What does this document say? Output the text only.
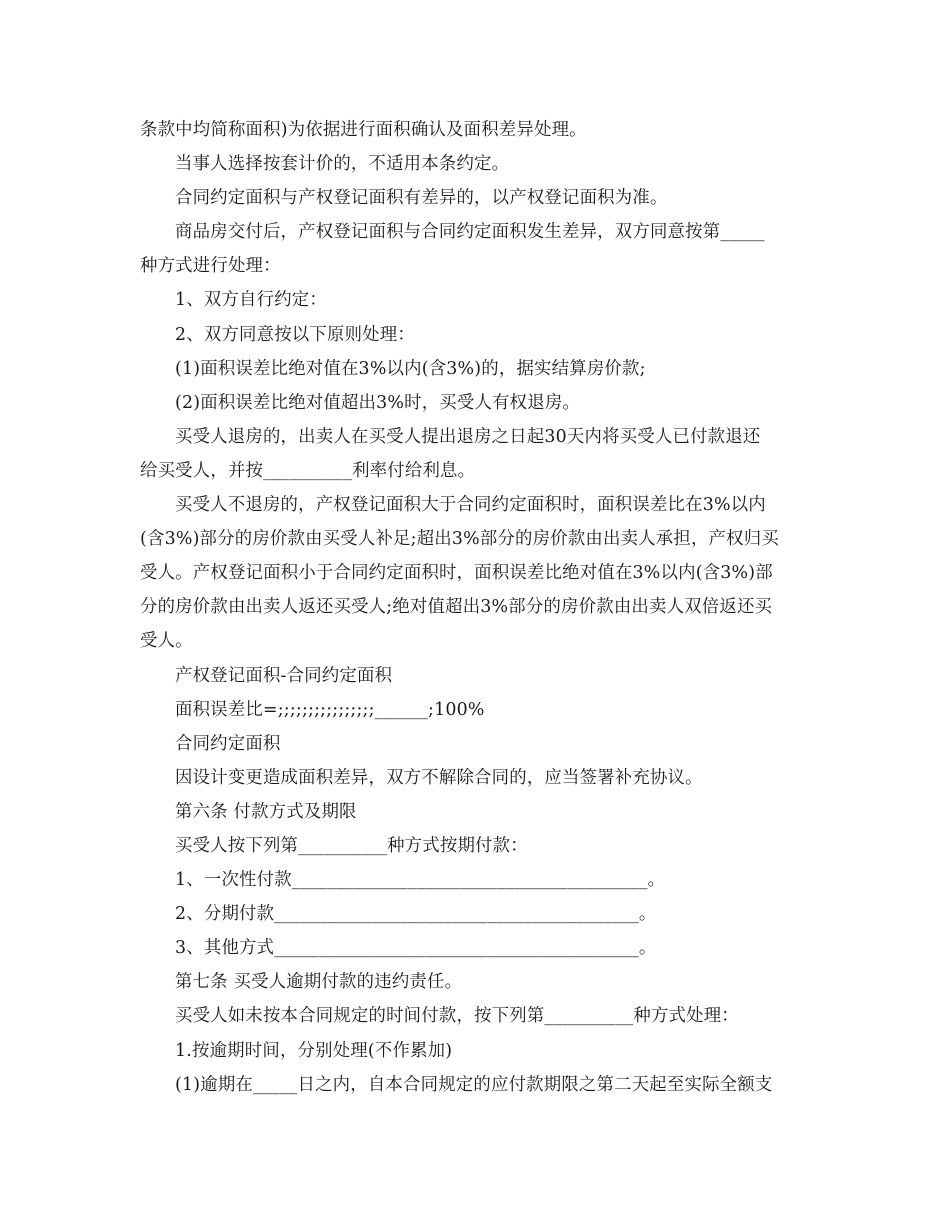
条款中均简称面积)为依据进行面积确认及面积差异处理。
当事人选择按套计价的，不适用本条约定。
合同约定面积与产权登记面积有差异的，以产权登记面积为准。
商品房交付后，产权登记面积与合同约定面积发生差异，双方同意按第_____
种方式进行处理：
1、双方自行约定：
2、双方同意按以下原则处理：
(1)面积误差比绝对值在3%以内(含3%)的，据实结算房价款;
(2)面积误差比绝对值超出3%时，买受人有权退房。
买受人退房的，出卖人在买受人提出退房之日起30天内将买受人已付款退还
给买受人，并按__________利率付给利息。
买受人不退房的，产权登记面积大于合同约定面积时，面积误差比在3%以内
(含3%)部分的房价款由买受人补足;超出3%部分的房价款由出卖人承担，产权归买
受人。产权登记面积小于合同约定面积时，面积误差比绝对值在3%以内(含3%)部
分的房价款由出卖人返还买受人;绝对值超出3%部分的房价款由出卖人双倍返还买
受人。
产权登记面积-合同约定面积
面积误差比=;;;;;;;;;;;;;;;;______;100%
合同约定面积
因设计变更造成面积差异，双方不解除合同的，应当签署补充协议。
第六条 付款方式及期限
买受人按下列第__________种方式按期付款：
1、一次性付款________________________________________。
2、分期付款_________________________________________。
3、其他方式_________________________________________。
第七条 买受人逾期付款的违约责任。
买受人如未按本合同规定的时间付款，按下列第__________种方式处理：
1.按逾期时间，分别处理(不作累加)
(1)逾期在_____日之内，自本合同规定的应付款期限之第二天起至实际全额支
